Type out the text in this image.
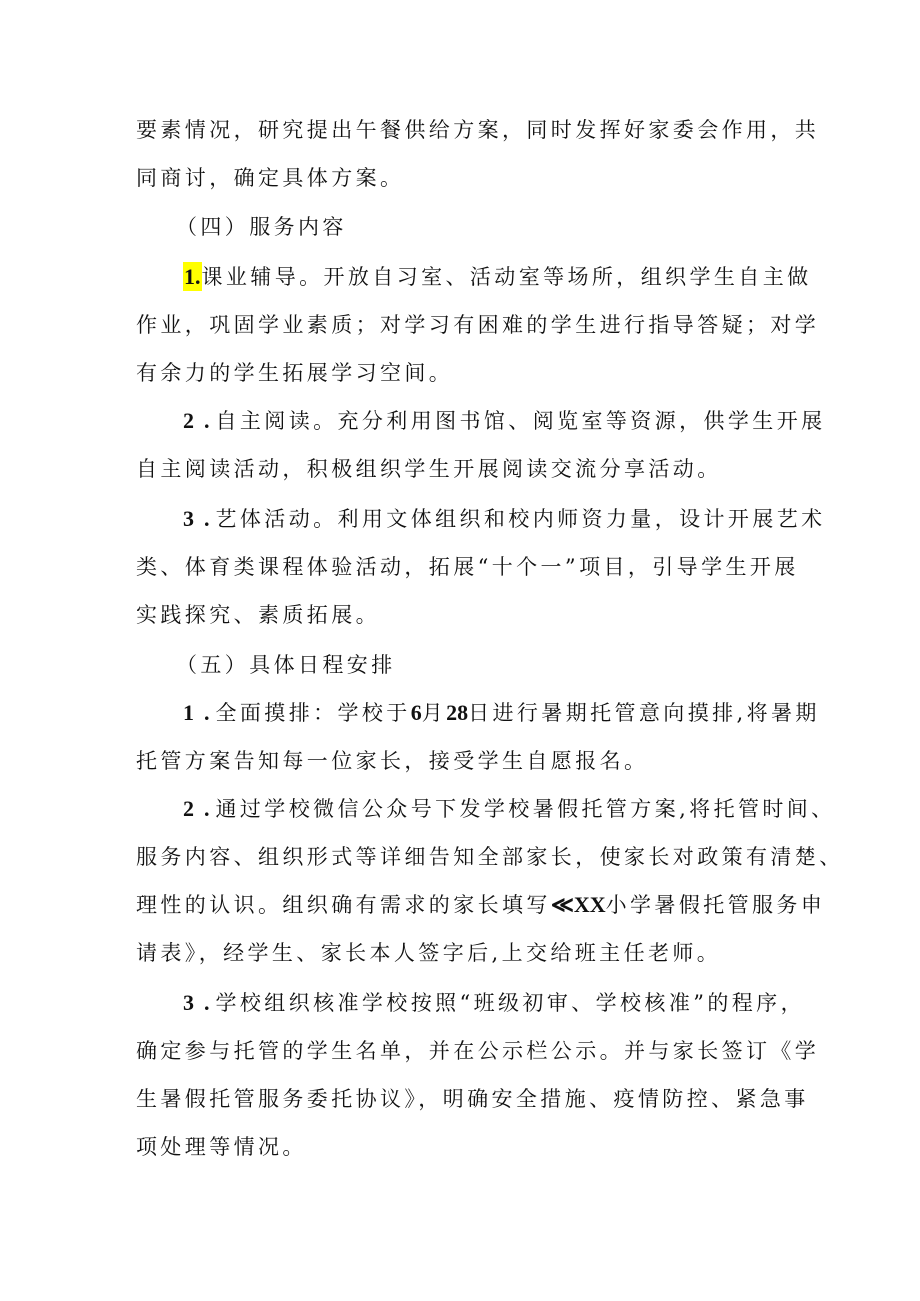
要素情况，研究提出午餐供给方案，同时发挥好家委会作用，共
同商讨，确定具体方案。
（四）服务内容
1.课业辅导。开放自习室、活动室等场所，组织学生自主做
作业，巩固学业素质；对学习有困难的学生进行指导答疑；对学
有余力的学生拓展学习空间。
2 . 自主阅读。充分利用图书馆、阅览室等资源，供学生开展
自主阅读活动，积极组织学生开展阅读交流分享活动。
3 . 艺体活动。利用文体组织和校内师资力量，设计开展艺术
类、体育类课程体验活动，拓展“十个一”项目，引导学生开展
实践探究、素质拓展。
（五）具体日程安排
1 . 全面摸排：学校于6月28日进行暑期托管意向摸排,将暑期
托管方案告知每一位家长，接受学生自愿报名。
2 . 通过学校微信公众号下发学校暑假托管方案,将托管时间、
服务内容、组织形式等详细告知全部家长，使家长对政策有清楚、
理性的认识。组织确有需求的家长填写≪XX小学暑假托管服务申
请表》，经学生、家长本人签字后,上交给班主任老师。
3 . 学校组织核准学校按照“班级初审、学校核准”的程序，
确定参与托管的学生名单，并在公示栏公示。并与家长签订《学
生暑假托管服务委托协议》，明确安全措施、疫情防控、紧急事
项处理等情况。
